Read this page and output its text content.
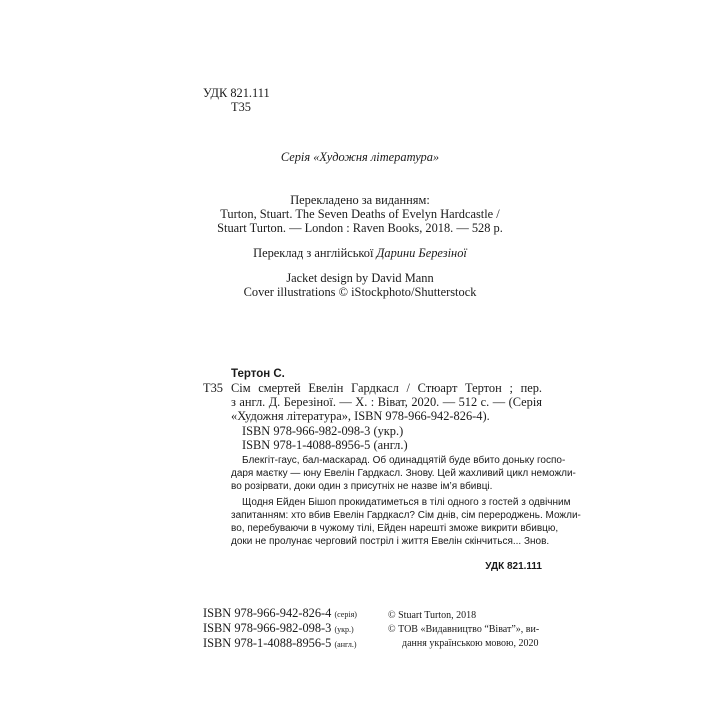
УДК 821.111
Т35
Серія «Художня література»
Перекладено за виданням:
Turton, Stuart. The Seven Deaths of Evelyn Hardcastle /
Stuart Turton. — London : Raven Books, 2018. — 528 p.
Переклад з англійської Дарини Березіної
Jacket design by David Mann
Cover illustrations © iStockphoto/Shutterstock
Тертон С.
Т35 Сім смертей Евелін Гардкасл / Стюарт Тертон ; пер.
з англ. Д. Березіної. — Х. : Віват, 2020. — 512 с. — (Серія
«Художня література», ISBN 978-966-942-826-4).
ISBN 978-966-982-098-3 (укр.)
ISBN 978-1-4088-8956-5 (англ.)
Блекгіт-гаус, бал-маскарад. Об одинадцятій буде вбито доньку госпо-
даря маєтку — юну Евелін Гардкасл. Знову. Цей жахливий цикл неможли-
во розірвати, доки один з присутніх не назве ім’я вбивці.
Щодня Ейден Бішоп прокидатиметься в тілі одного з гостей з одвічним
запитанням: хто вбив Евелін Гардкасл? Сім днів, сім перероджень. Можли-
во, перебуваючи в чужому тілі, Ейден нарешті зможе викрити вбивцю,
доки не пролунає черговий постріл і життя Евелін скінчиться... Знов.
УДК 821.111
ISBN 978-966-942-826-4 (серія)
ISBN 978-966-982-098-3 (укр.)
ISBN 978-1-4088-8956-5 (англ.)
© Stuart Turton, 2018
© ТОВ «Видавництво “Віват”», ви-
дання українською мовою, 2020
